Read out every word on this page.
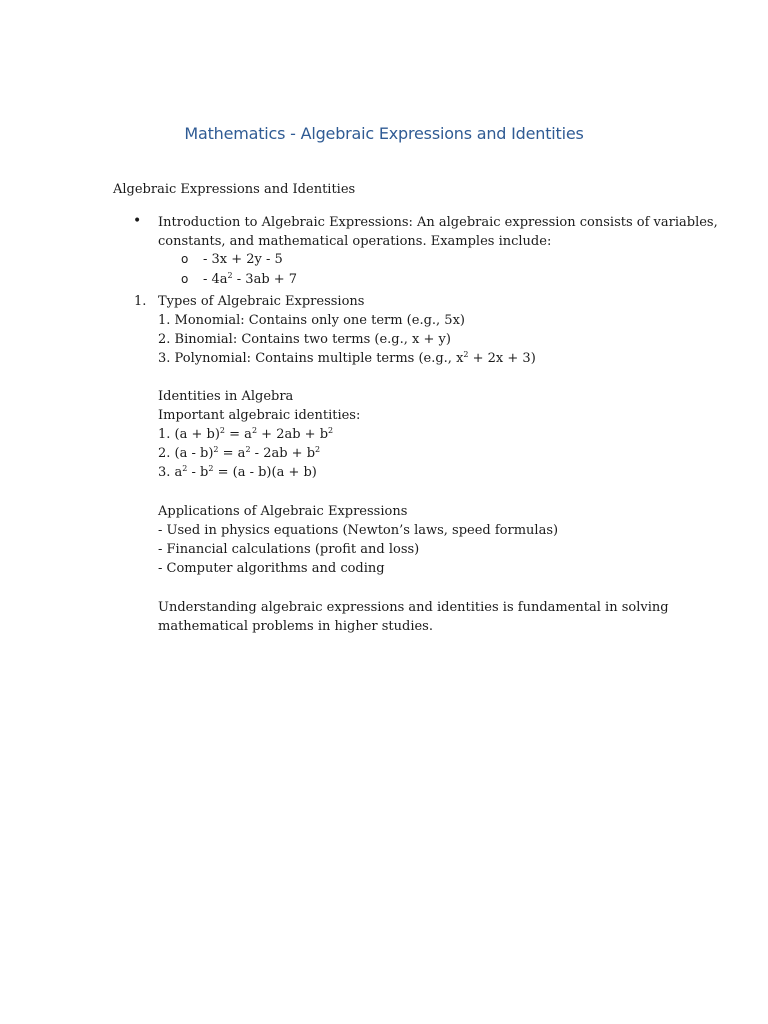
Mathematics - Algebraic Expressions and Identities
Algebraic Expressions and Identities
• Introduction to Algebraic Expressions: An algebraic expression consists of variables,
constants, and mathematical operations. Examples include:
o - 3x + 2y - 5
$o - 4a^2 - 3ab + 7$
1. Types of Algebraic Expressions
1. Monomial: Contains only one term (e.g., 5x)
2. Binomial: Contains two terms (e.g., x + y)
3. Polynomial: Contains multiple terms (e.g., $x^2 + 2x + 3$)
Identities in Algebra
Important algebraic identities:
1. $(a + b)^2 = a^2 + 2ab + b^2$
2. $(a - b)^2 = a^2 - 2ab + b^2$
3. $a^2 - b^2 = (a - b)(a + b)$
Applications of Algebraic Expressions
- Used in physics equations (Newton’s laws, speed formulas)
- Financial calculations (profit and loss)
- Computer algorithms and coding
Understanding algebraic expressions and identities is fundamental in solving
mathematical problems in higher studies.
